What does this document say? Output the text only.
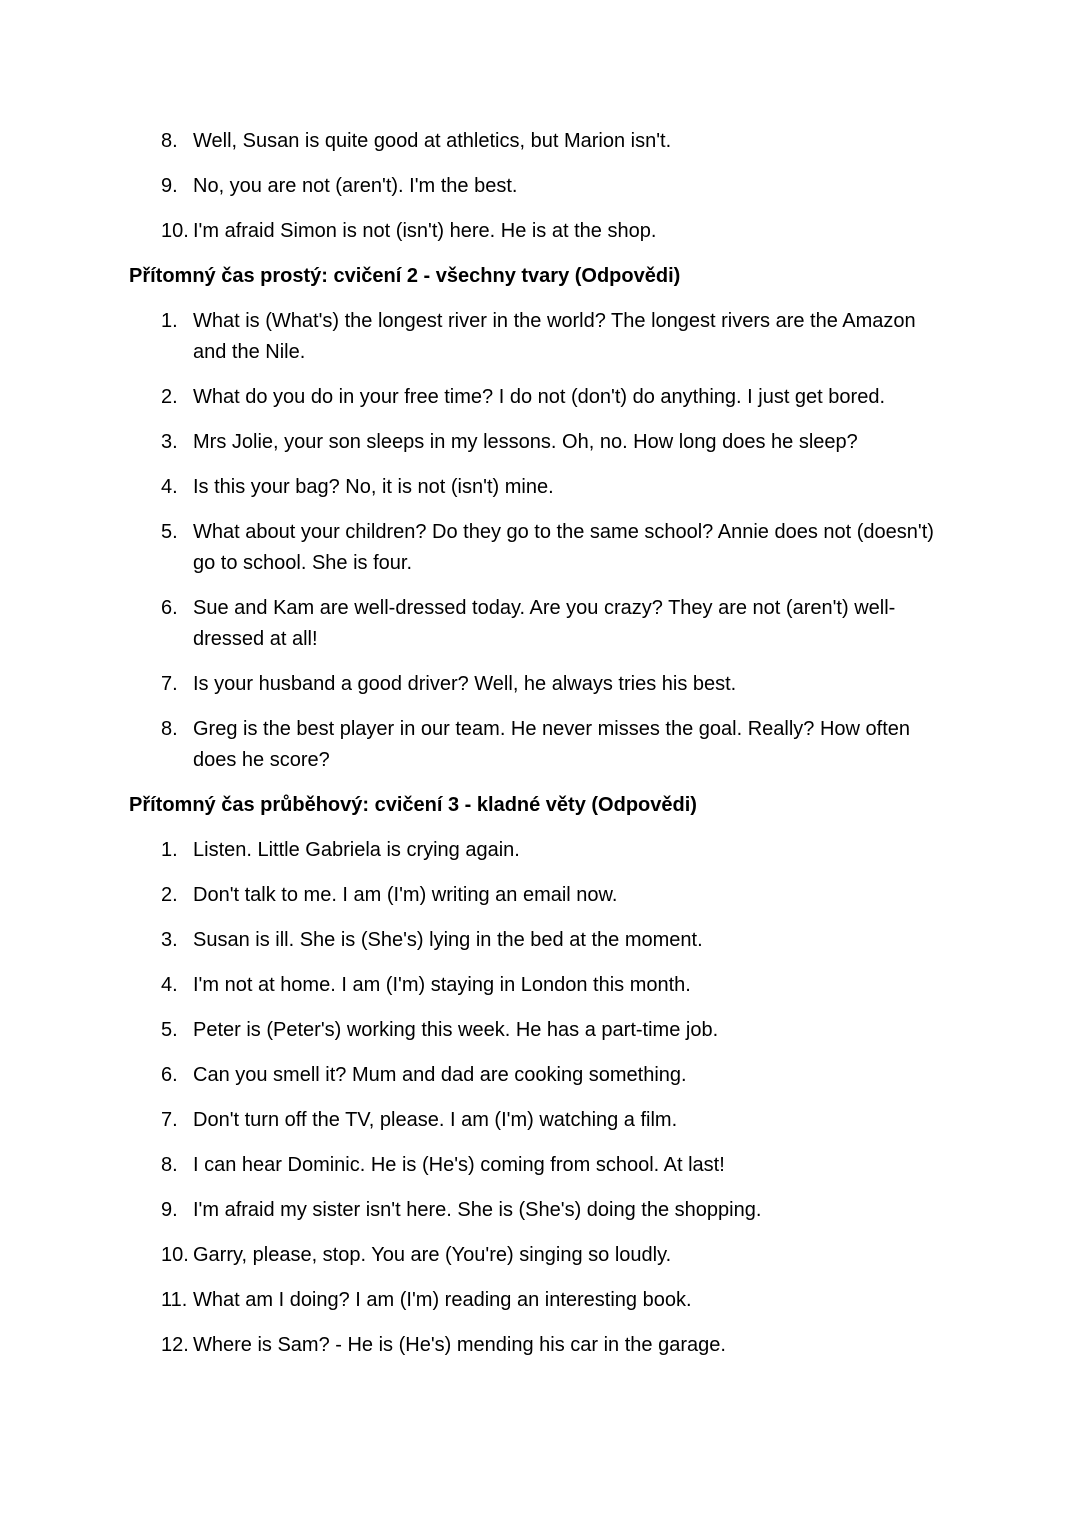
8. Well, Susan is quite good at athletics, but Marion isn't.
9. No, you are not (aren't). I'm the best.
10. I'm afraid Simon is not (isn't) here. He is at the shop.
Přítomný čas prostý: cvičení 2 - všechny tvary (Odpovědi)
1. What is (What's) the longest river in the world? The longest rivers are the Amazon and the Nile.
2. What do you do in your free time? I do not (don't) do anything. I just get bored.
3. Mrs Jolie, your son sleeps in my lessons. Oh, no. How long does he sleep?
4. Is this your bag? No, it is not (isn't) mine.
5. What about your children? Do they go to the same school? Annie does not (doesn't) go to school. She is four.
6. Sue and Kam are well-dressed today. Are you crazy? They are not (aren't) well-dressed at all!
7. Is your husband a good driver? Well, he always tries his best.
8. Greg is the best player in our team. He never misses the goal. Really? How often does he score?
Přítomný čas průběhový: cvičení 3 - kladné věty (Odpovědi)
1. Listen. Little Gabriela is crying again.
2. Don't talk to me. I am (I'm) writing an email now.
3. Susan is ill. She is (She's) lying in the bed at the moment.
4. I'm not at home. I am (I'm) staying in London this month.
5. Peter is (Peter's) working this week. He has a part-time job.
6. Can you smell it? Mum and dad are cooking something.
7. Don't turn off the TV, please. I am (I'm) watching a film.
8. I can hear Dominic. He is (He's) coming from school. At last!
9. I'm afraid my sister isn't here. She is (She's) doing the shopping.
10. Garry, please, stop. You are (You're) singing so loudly.
11. What am I doing? I am (I'm) reading an interesting book.
12. Where is Sam? - He is (He's) mending his car in the garage.
